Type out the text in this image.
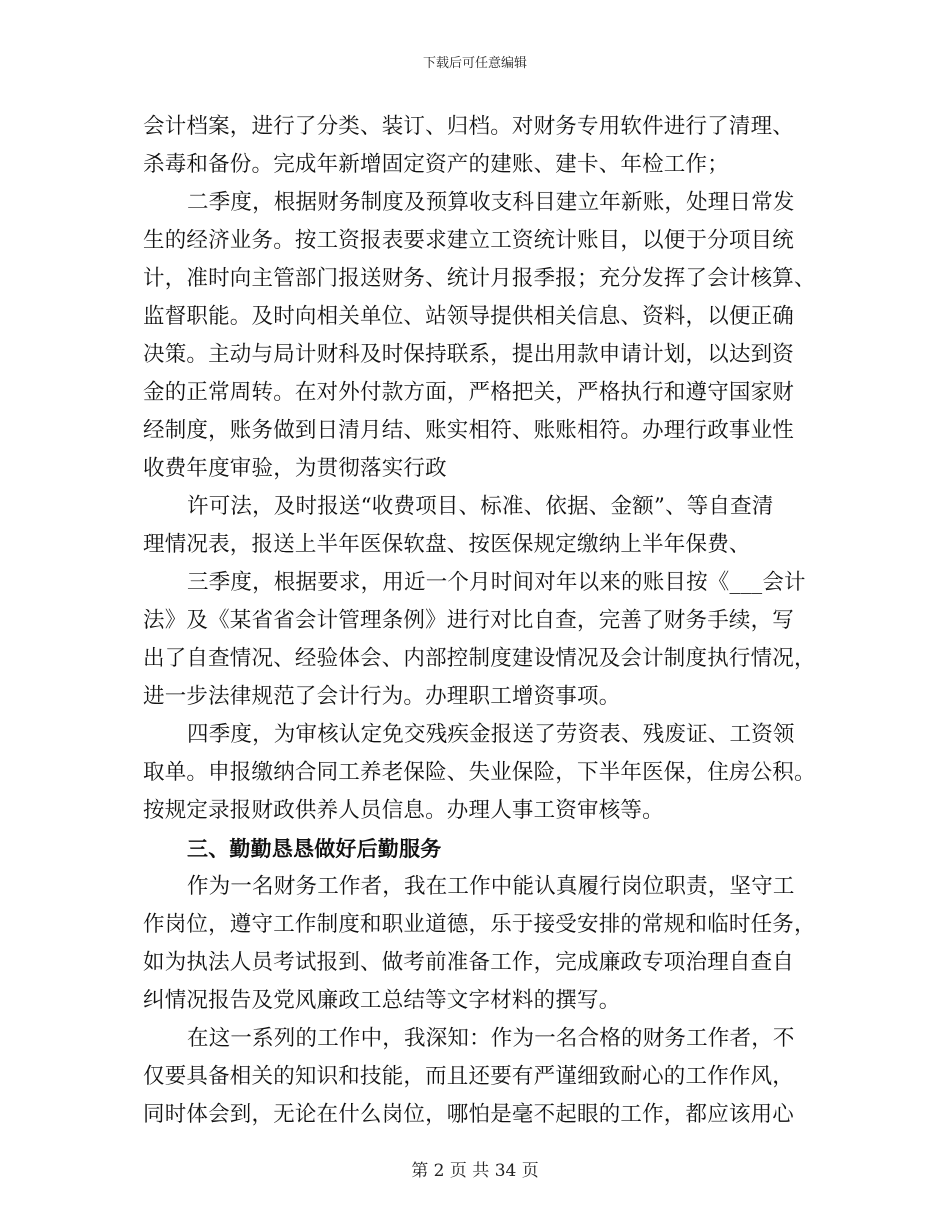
下载后可任意编辑
会计档案，进行了分类、装订、归档。对财务专用软件进行了清理、
杀毒和备份。完成年新增固定资产的建账、建卡、年检工作；
二季度，根据财务制度及预算收支科目建立年新账，处理日常发
生的经济业务。按工资报表要求建立工资统计账目，以便于分项目统
计，准时向主管部门报送财务、统计月报季报；充分发挥了会计核算、
监督职能。及时向相关单位、站领导提供相关信息、资料，以便正确
决策。主动与局计财科及时保持联系，提出用款申请计划，以达到资
金的正常周转。在对外付款方面，严格把关，严格执行和遵守国家财
经制度，账务做到日清月结、账实相符、账账相符。办理行政事业性
收费年度审验，为贯彻落实行政
许可法，及时报送“收费项目、标准、依据、金额”、等自查清
理情况表，报送上半年医保软盘、按医保规定缴纳上半年保费、
三季度，根据要求，用近一个月时间对年以来的账目按《___会计
法》及《某省省会计管理条例》进行对比自查，完善了财务手续，写
出了自查情况、经验体会、内部控制度建设情况及会计制度执行情况，
进一步法律规范了会计行为。办理职工增资事项。
四季度，为审核认定免交残疾金报送了劳资表、残废证、工资领
取单。申报缴纳合同工养老保险、失业保险，下半年医保，住房公积。
按规定录报财政供养人员信息。办理人事工资审核等。
三、勤勤恳恳做好后勤服务
作为一名财务工作者，我在工作中能认真履行岗位职责，坚守工
作岗位，遵守工作制度和职业道德，乐于接受安排的常规和临时任务，
如为执法人员考试报到、做考前准备工作，完成廉政专项治理自查自
纠情况报告及党风廉政工总结等文字材料的撰写。
在这一系列的工作中，我深知：作为一名合格的财务工作者，不
仅要具备相关的知识和技能，而且还要有严谨细致耐心的工作作风，
同时体会到，无论在什么岗位，哪怕是毫不起眼的工作，都应该用心
第 2 页 共 34 页
